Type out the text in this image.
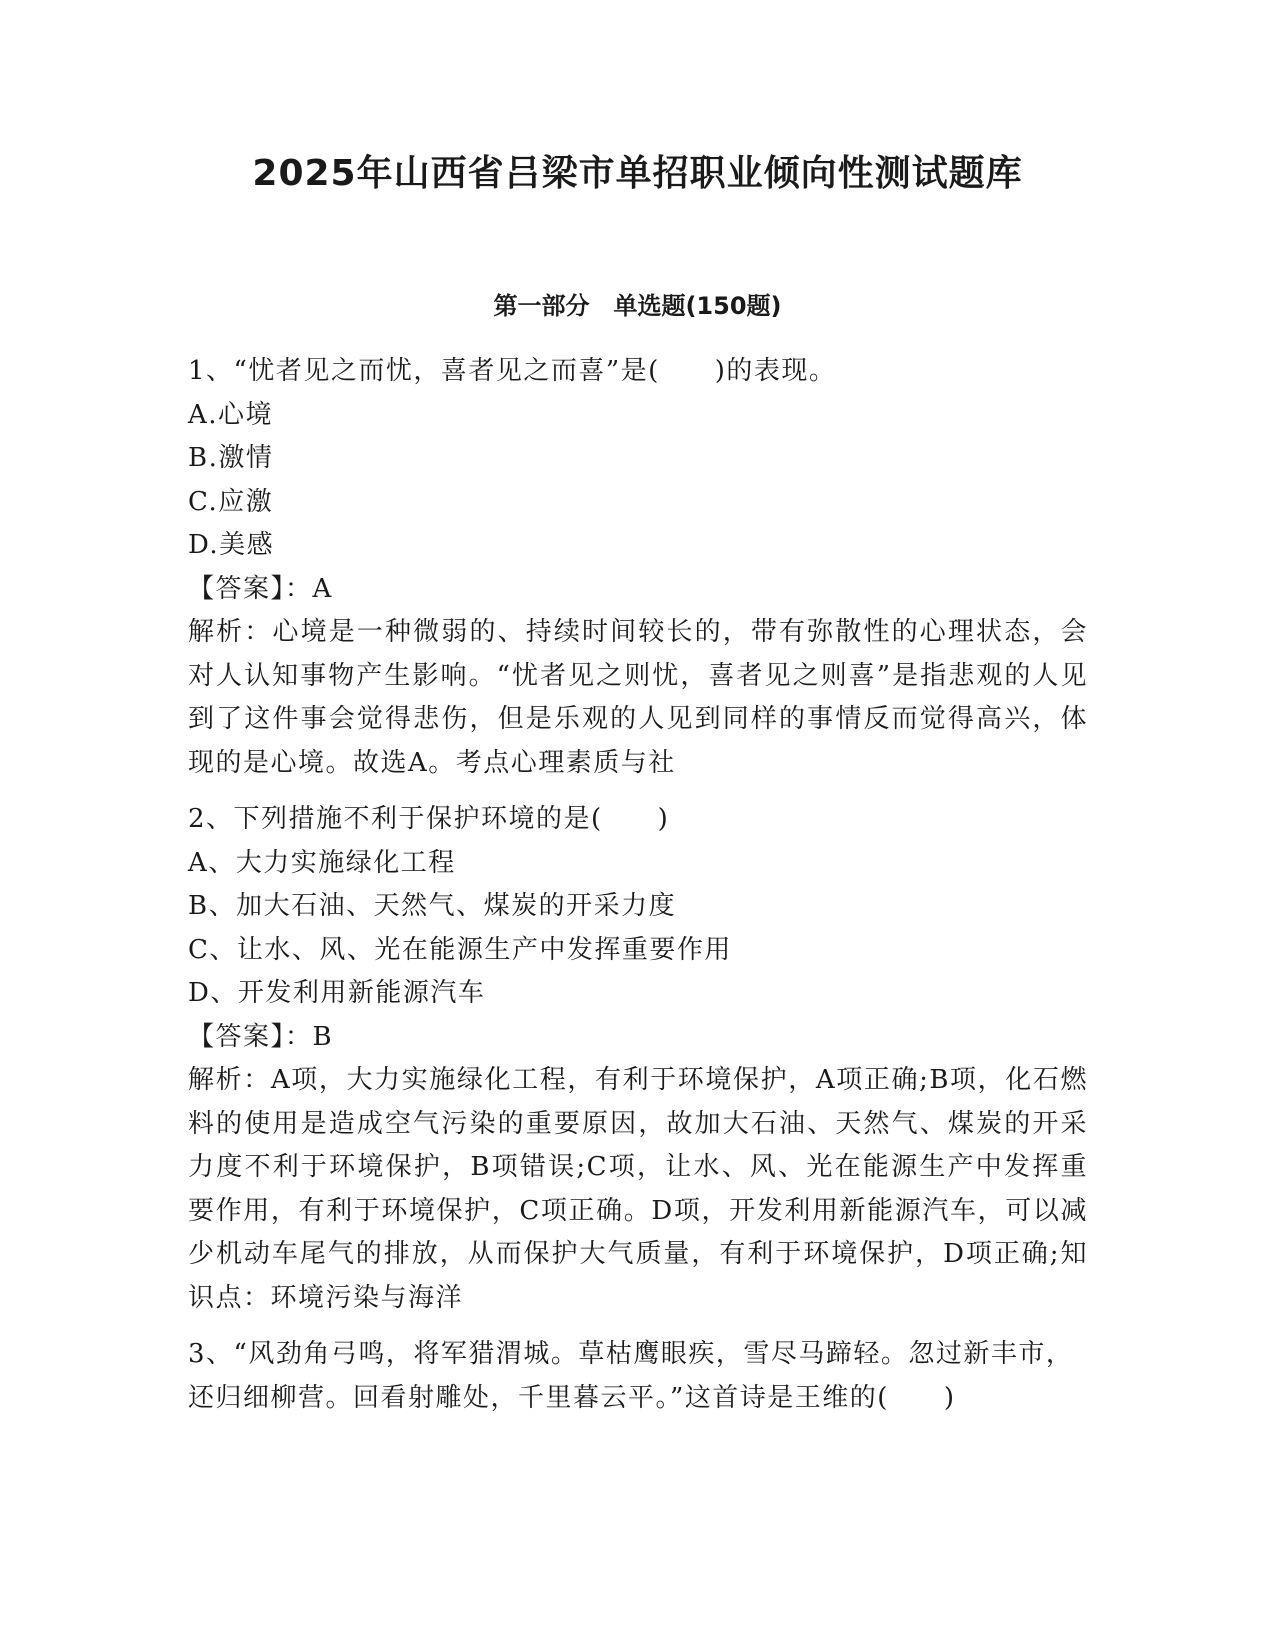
2025年山西省吕梁市单招职业倾向性测试题库
第一部分　单选题(150题)
1、“忧者见之而忧，喜者见之而喜”是(　　)的表现。
A.心境
B.激情
C.应激
D.美感
【答案】：A
解析：心境是一种微弱的、持续时间较长的，带有弥散性的心理状态，会对人认知事物产生影响。“忧者见之则忧，喜者见之则喜”是指悲观的人见到了这件事会觉得悲伤，但是乐观的人见到同样的事情反而觉得高兴，体现的是心境。故选A。考点心理素质与社
2、下列措施不利于保护环境的是(　　)
A、大力实施绿化工程
B、加大石油、天然气、煤炭的开采力度
C、让水、风、光在能源生产中发挥重要作用
D、开发利用新能源汽车
【答案】：B
解析：A项，大力实施绿化工程，有利于环境保护，A项正确;B项，化石燃料的使用是造成空气污染的重要原因，故加大石油、天然气、煤炭的开采力度不利于环境保护，B项错误;C项，让水、风、光在能源生产中发挥重要作用，有利于环境保护，C项正确。D项，开发利用新能源汽车，可以减少机动车尾气的排放，从而保护大气质量，有利于环境保护，D项正确;知识点：环境污染与海洋
3、“风劲角弓鸣，将军猎渭城。草枯鹰眼疾，雪尽马蹄轻。忽过新丰市，还归细柳营。回看射雕处，千里暮云平。”这首诗是王维的(　　)
